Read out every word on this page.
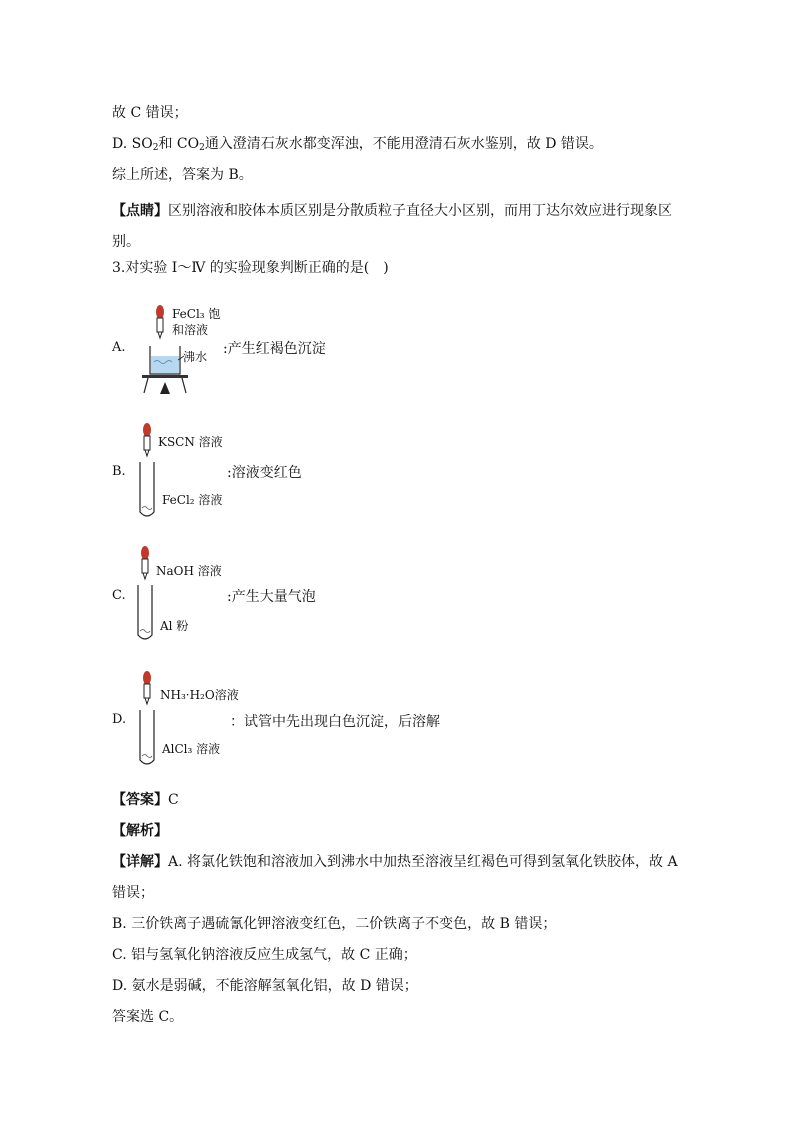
故 C 错误；
D. $SO_2$和 $CO_2$通入澄清石灰水都变浑浊，不能用澄清石灰水鉴别，故 D 错误。
综上所述，答案为 B。
【点睛】区别溶液和胶体本质区别是分散质粒子直径大小区别，而用丁达尔效应进行现象区别。
3.对实验 Ⅰ～Ⅳ 的实验现象判断正确的是(　)
A.
FeCl₃ 饱
和溶液
沸水 :产生红褐色沉淀
B.
KSCN 溶液
FeCl₂ 溶液
:溶液变红色
C.
NaOH 溶液
Al 粉
:产生大量气泡
D.
NH₃·H₂O溶液
AlCl₃ 溶液
：试管中先出现白色沉淀，后溶解
【答案】C
【解析】
【详解】A. 将氯化铁饱和溶液加入到沸水中加热至溶液呈红褐色可得到氢氧化铁胶体，故 A
错误；
B. 三价铁离子遇硫氰化钾溶液变红色，二价铁离子不变色，故 B 错误；
C. 铝与氢氧化钠溶液反应生成氢气，故 C 正确；
D. 氨水是弱碱，不能溶解氢氧化铝，故 D 错误；
答案选 C。
